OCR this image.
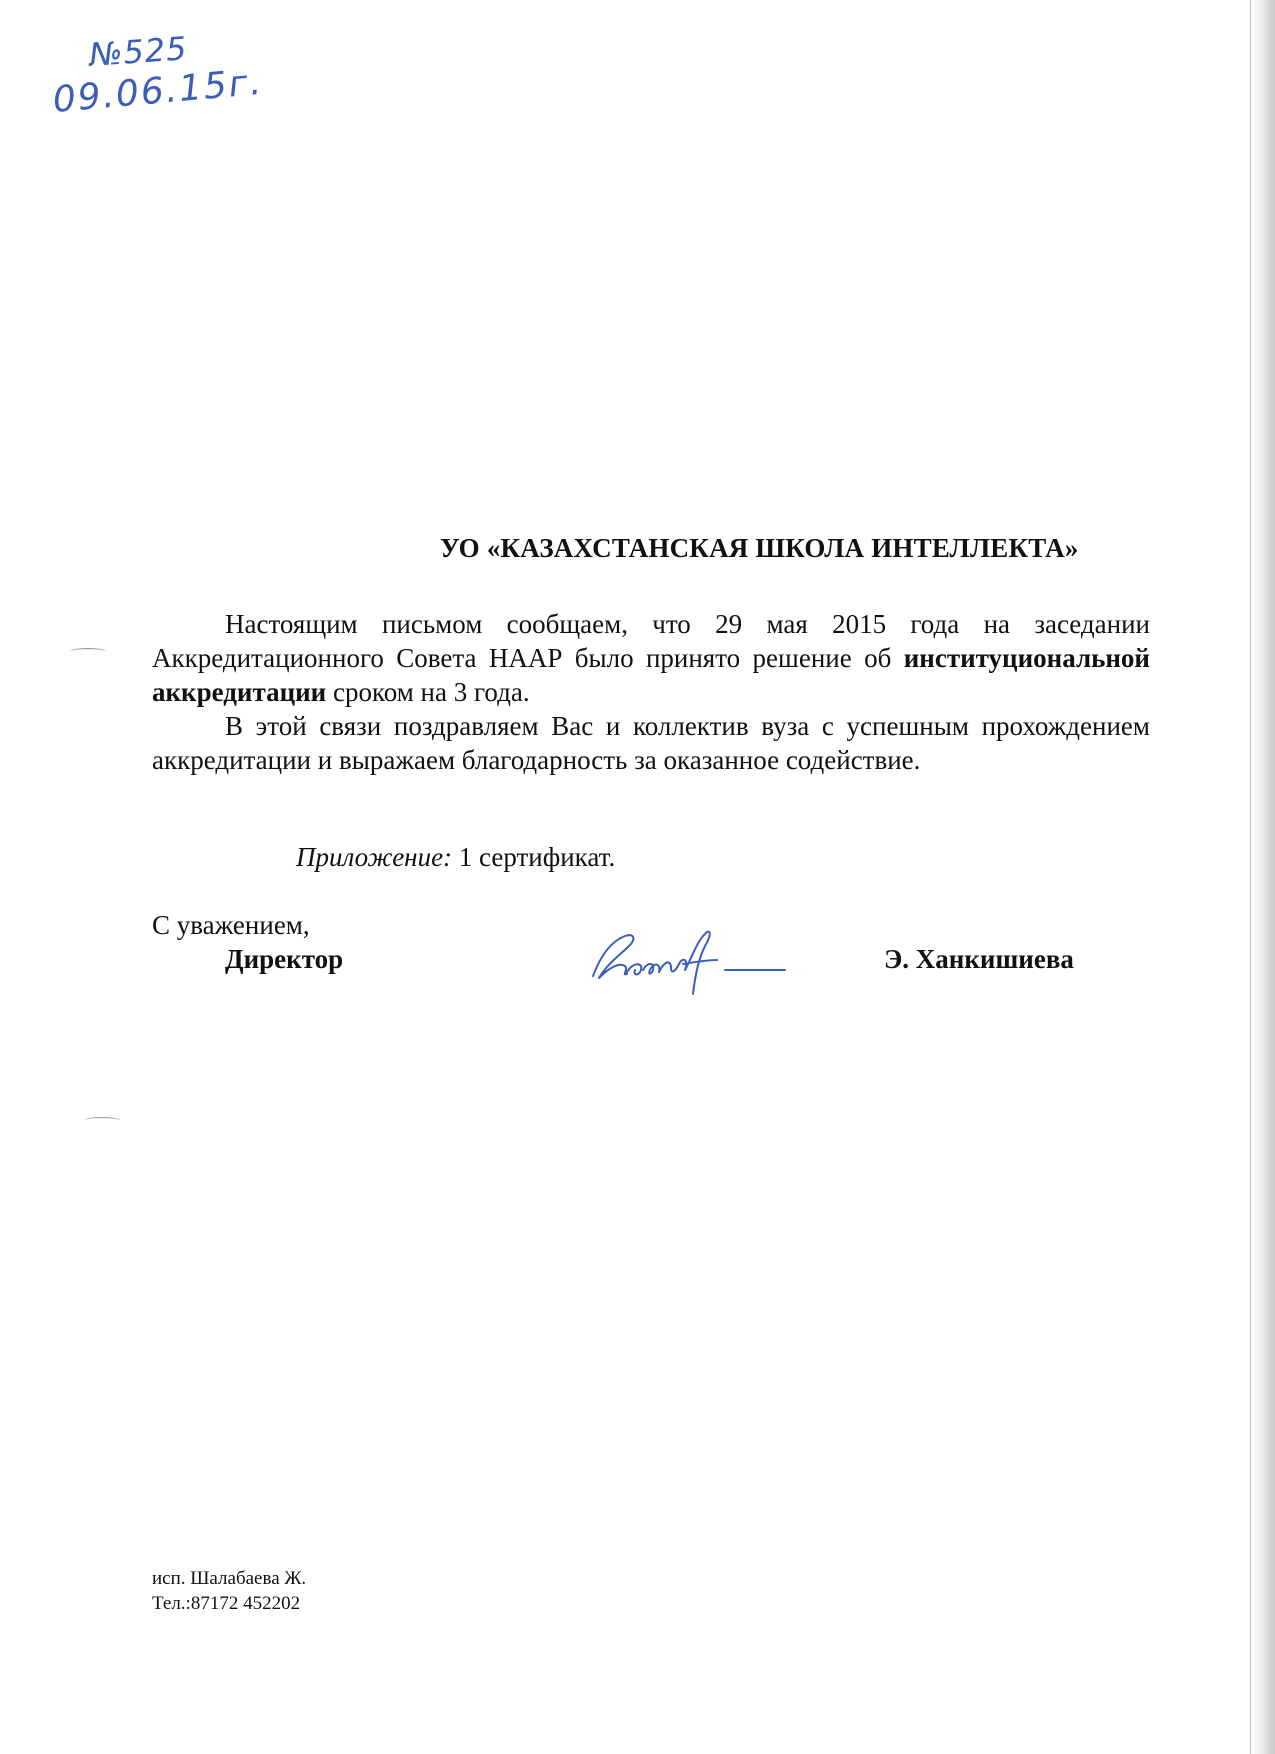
№525
09.06.15г.
УО «КАЗАХСТАНСКАЯ ШКОЛА ИНТЕЛЛЕКТА»

Настоящим письмом сообщаем, что 29 мая 2015 года на заседании Аккредитационного Совета НААР было принято решение об институциональной аккредитации сроком на 3 года.

В этой связи поздравляем Вас и коллектив вуза с успешным прохождением аккредитации и выражаем благодарность за оказанное содействие.

Приложение: 1 сертификат.
С уважением,
Директор	Э. Ханкишиева
исп. Шалабаева Ж.
Тел.:87172 452202
